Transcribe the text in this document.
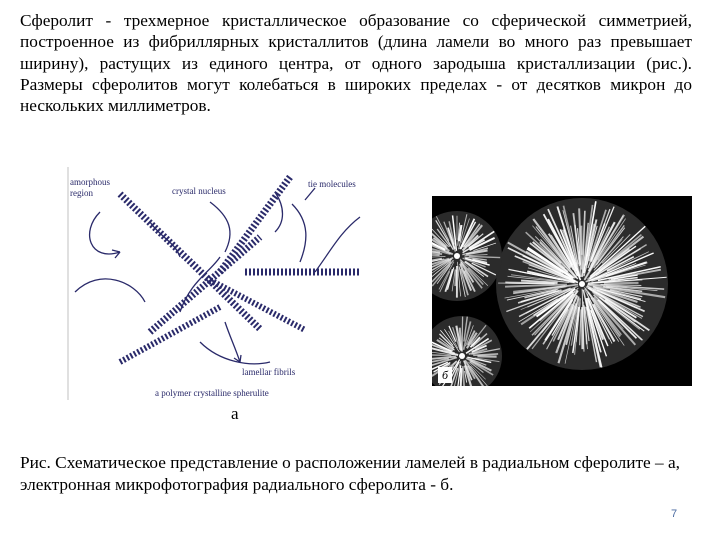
Сферолит - трехмерное кристаллическое образование со сферической симметрией, построенное из фибриллярных кристаллитов (длина ламели во много раз превышает ширину), растущих из единого центра, от одного зародыша кристаллизации (рис.). Размеры сферолитов могут колебаться в широких пределах - от десятков микрон до нескольких миллиметров.
amorphous
region	crystal nucleus
tie molecules
lamellar fibrils
a polymer crystalline spherulite
а
б
Рис. Схематическое представление о расположении ламелей в радиальном сферолите – а, электронная микрофотография радиального сферолита - б.
7
